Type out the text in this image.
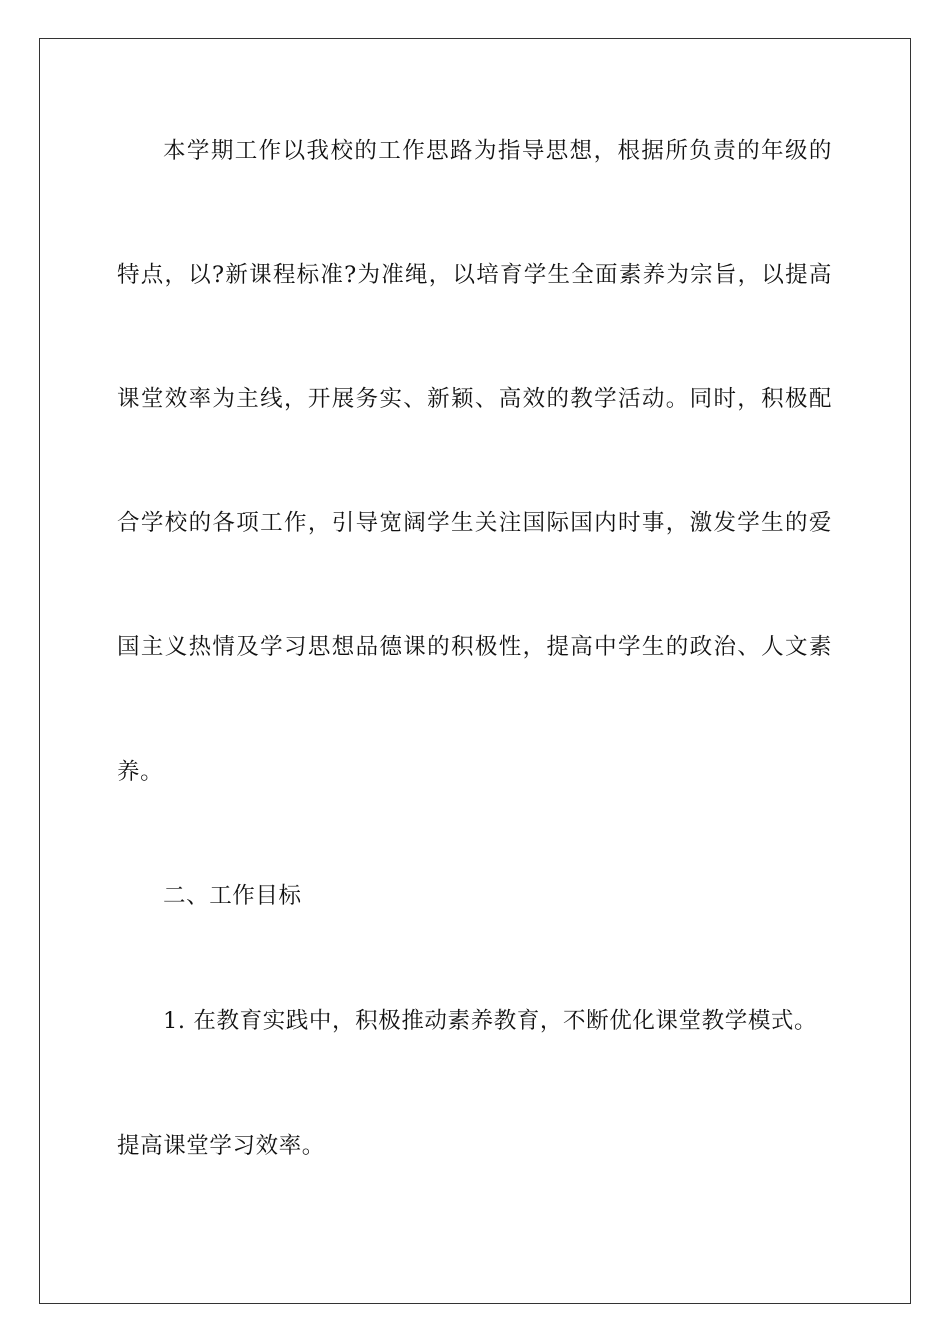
本学期工作以我校的工作思路为指导思想，根据所负责的年级的
特点，以?新课程标准?为准绳，以培育学生全面素养为宗旨，以提高
课堂效率为主线，开展务实、新颖、高效的教学活动。同时，积极配
合学校的各项工作，引导宽阔学生关注国际国内时事，激发学生的爱
国主义热情及学习思想品德课的积极性，提高中学生的政治、人文素
养。
二、工作目标
1. 在教育实践中，积极推动素养教育，不断优化课堂教学模式。
提高课堂学习效率。
